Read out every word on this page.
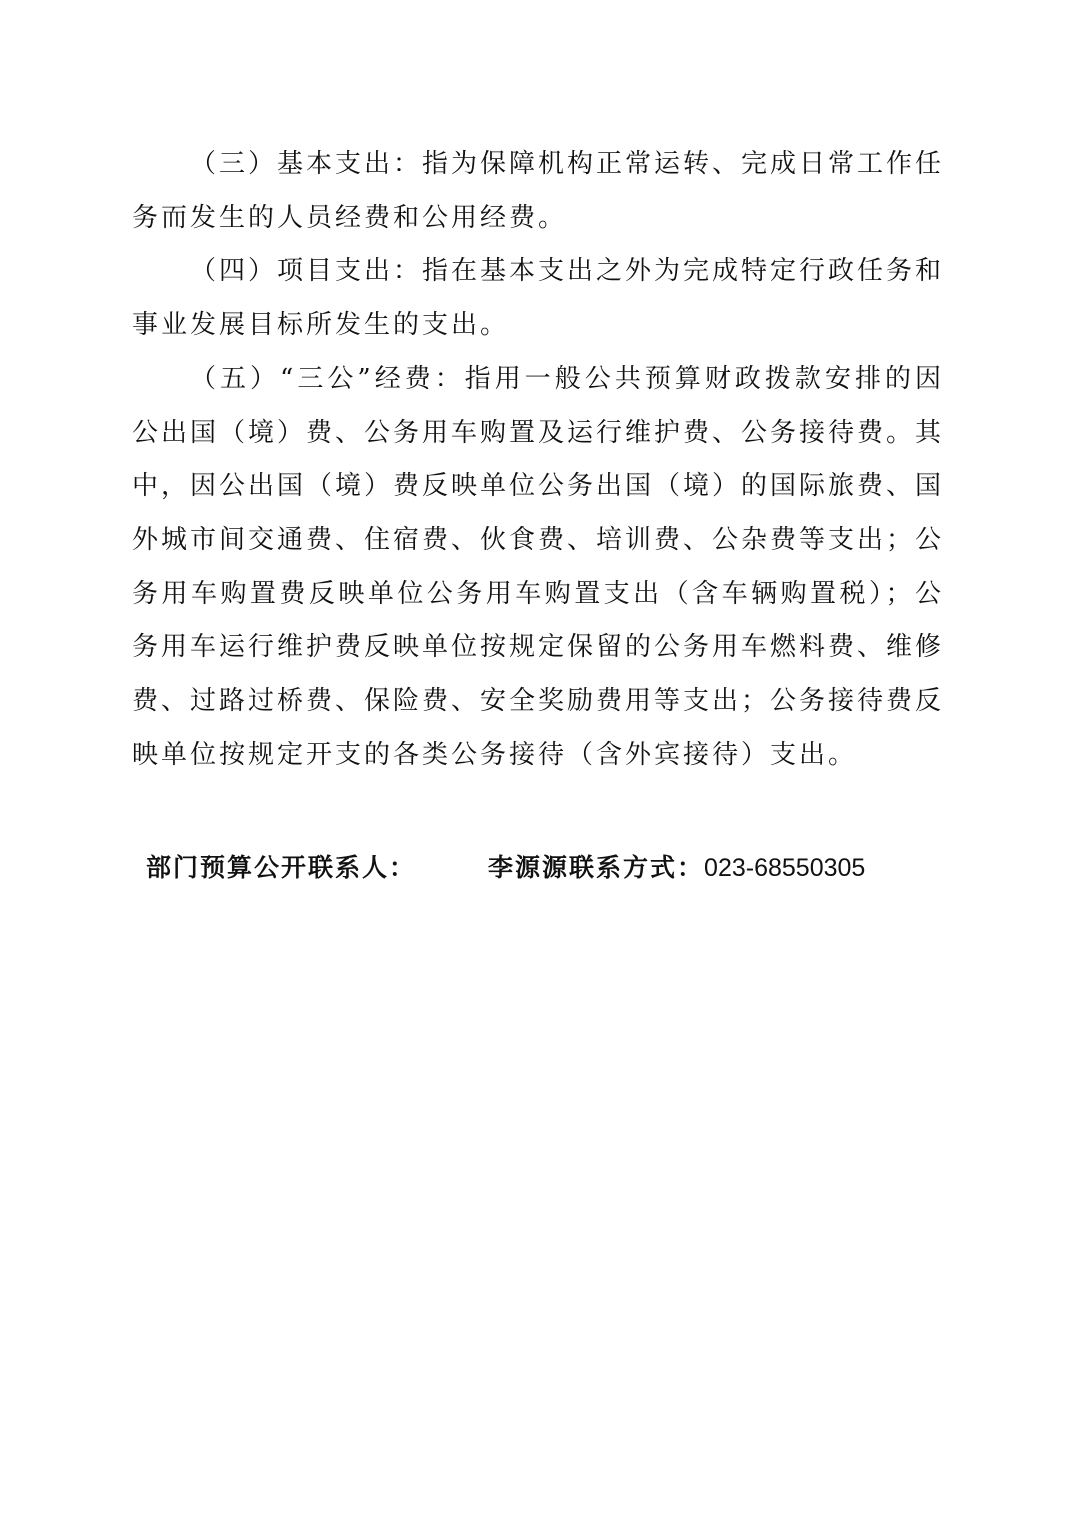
（三）基本支出：指为保障机构正常运转、完成日常工作任务而发生的人员经费和公用经费。

（四）项目支出：指在基本支出之外为完成特定行政任务和事业发展目标所发生的支出。

（五）“三公”经费：指用一般公共预算财政拨款安排的因公出国（境）费、公务用车购置及运行维护费、公务接待费。其中，因公出国（境）费反映单位公务出国（境）的国际旅费、国外城市间交通费、住宿费、伙食费、培训费、公杂费等支出；公务用车购置费反映单位公务用车购置支出（含车辆购置税）；公务用车运行维护费反映单位按规定保留的公务用车燃料费、维修费、过路过桥费、保险费、安全奖励费用等支出；公务接待费反映单位按规定开支的各类公务接待（含外宾接待）支出。

部门预算公开联系人：	李源源联系方式：023-68550305
